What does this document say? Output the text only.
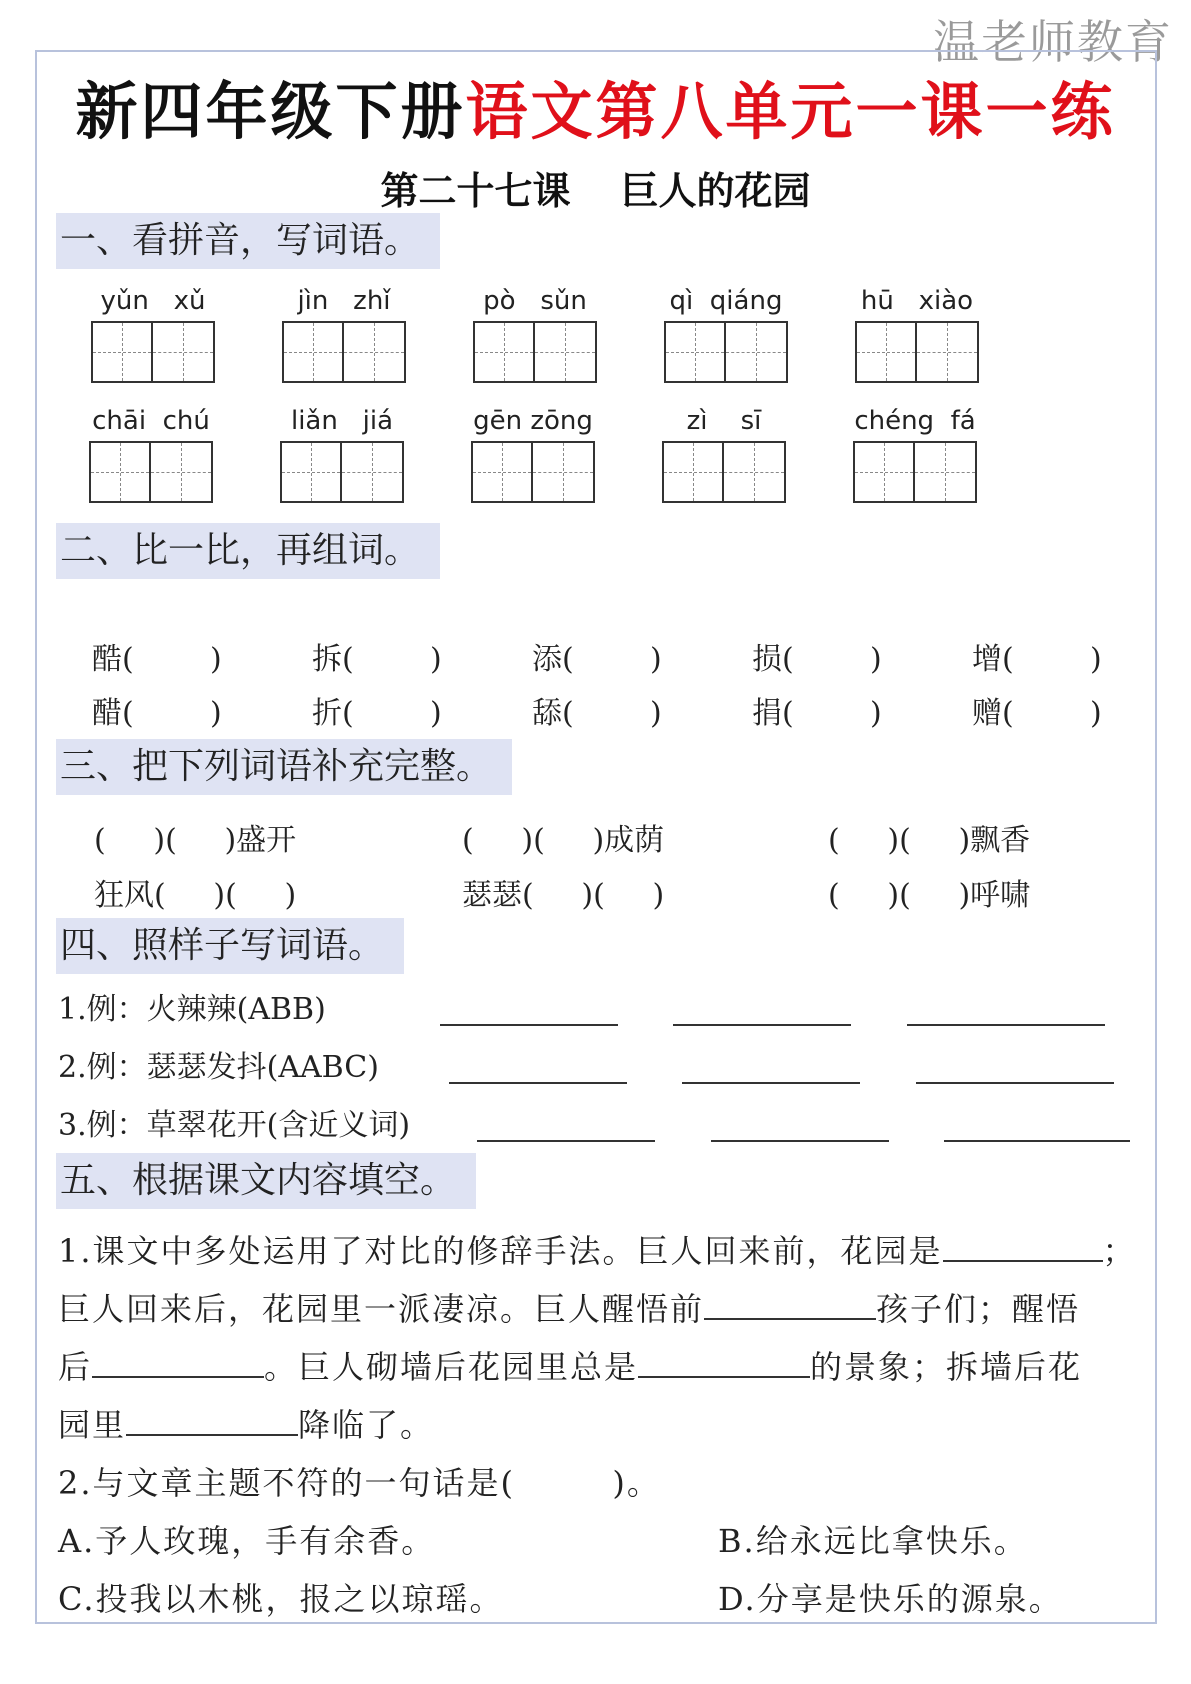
温老师教育
新四年级下册语文第八单元一课一练
第二十七课 巨人的花园
一、看拼音，写词语。
yǔn   xǔ	jìn   zhǐ	pò   sǔn	qì  qiáng	hū   xiào
chāi  chú	liǎn   jiá	gēn zōng	zì    sī	chéng  fá
二、比一比，再组词。
酷(        )	拆(        )	添(        )	损(        )	增(        )
醋(        )	折(        )	舔(        )	捐(        )	赠(        )
三、把下列词语补充完整。
(     )(     )盛开	(     )(     )成荫	(     )(     )飘香
狂风(     )(     )	瑟瑟(     )(     )	(     )(     )呼啸
四、照样子写词语。
1.例：火辣辣(ABB)
2.例：瑟瑟发抖(AABC)
3.例：草翠花开(含近义词)
五、根据课文内容填空。
1.课文中多处运用了对比的修辞手法。巨人回来前，花园是	；
巨人回来后，花园里一派凄凉。巨人醒悟前	孩子们；醒悟
后	。巨人砌墙后花园里总是	的景象；拆墙后花
园里	降临了。
2.与文章主题不符的一句话是(        )。
A.予人玫瑰，手有余香。	B.给永远比拿快乐。
C.投我以木桃，报之以琼瑶。	D.分享是快乐的源泉。
